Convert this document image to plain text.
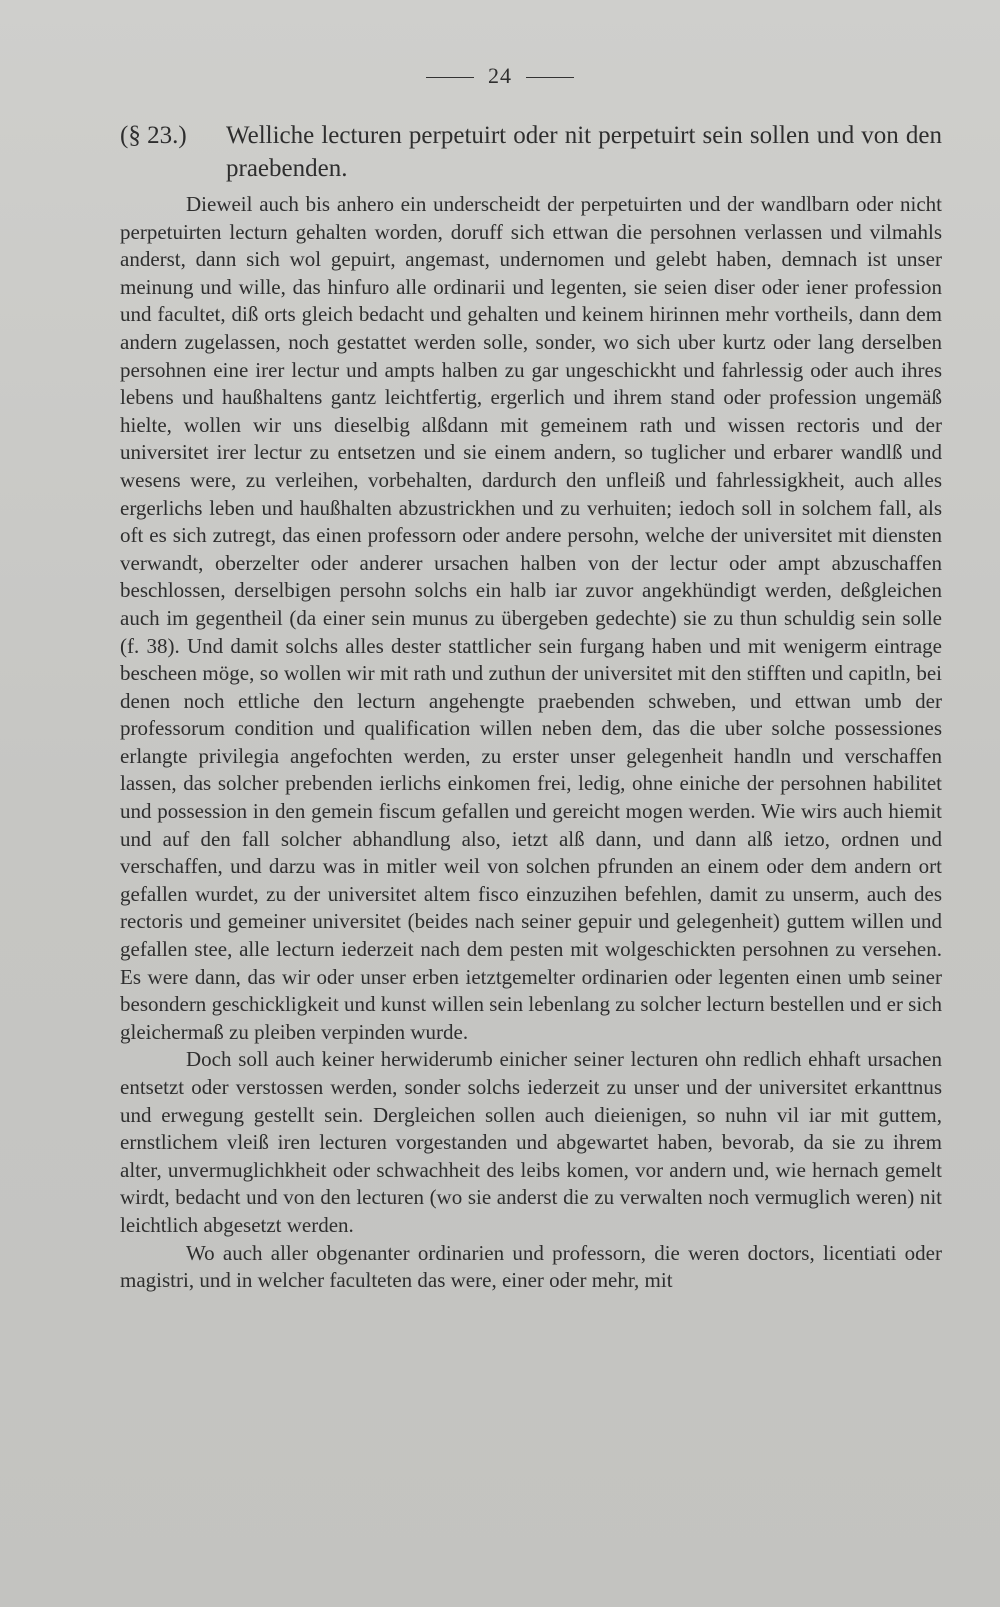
24
(§ 23.)	Welliche lecturen perpetuirt oder nit perpetuirt sein sollen und von den praebenden.

Dieweil auch bis anhero ein underscheidt der perpetuirten und der wandlbarn oder nicht perpetuirten lecturn gehalten worden, doruff sich ettwan die persohnen verlassen und vilmahls anderst, dann sich wol gepuirt, angemast, undernomen und gelebt haben, demnach ist unser meinung und wille, das hinfuro alle ordinarii und legenten, sie seien diser oder iener profession und facultet, diß orts gleich bedacht und gehalten und keinem hirinnen mehr vortheils, dann dem andern zugelassen, noch gestattet werden solle, sonder, wo sich uber kurtz oder lang derselben persohnen eine irer lectur und ampts halben zu gar ungeschickht und fahrlessig oder auch ihres lebens und haußhaltens gantz leichtfertig, ergerlich und ihrem stand oder profession ungemäß hielte, wollen wir uns dieselbig alßdann mit gemeinem rath und wissen rectoris und der universitet irer lectur zu entsetzen und sie einem andern, so tuglicher und erbarer wandlß und wesens were, zu verleihen, vorbehalten, dardurch den unfleiß und fahrlessigkheit, auch alles ergerlichs leben und haußhalten abzustrickhen und zu verhuiten; iedoch soll in solchem fall, als oft es sich zutregt, das einen professorn oder andere persohn, welche der universitet mit diensten verwandt, oberzelter oder anderer ursachen halben von der lectur oder ampt abzuschaffen beschlossen, derselbigen persohn solchs ein halb iar zuvor angekhündigt werden, deßgleichen auch im gegentheil (da einer sein munus zu übergeben gedechte) sie zu thun schuldig sein solle (f. 38). Und damit solchs alles dester stattlicher sein furgang haben und mit wenigerm eintrage bescheen möge, so wollen wir mit rath und zuthun der universitet mit den stifften und capitln, bei denen noch ettliche den lecturn angehengte praebenden schweben, und ettwan umb der professorum condition und qualification willen neben dem, das die uber solche possessiones erlangte privilegia angefochten werden, zu erster unser gelegenheit handln und verschaffen lassen, das solcher prebenden ierlichs einkomen frei, ledig, ohne einiche der persohnen habilitet und possession in den gemein fiscum gefallen und gereicht mogen werden. Wie wirs auch hiemit und auf den fall solcher abhandlung also, ietzt alß dann, und dann alß ietzo, ordnen und verschaffen, und darzu was in mitler weil von solchen pfrunden an einem oder dem andern ort gefallen wurdet, zu der universitet altem fisco einzuzihen befehlen, damit zu unserm, auch des rectoris und gemeiner universitet (beides nach seiner gepuir und gelegenheit) guttem willen und gefallen stee, alle lecturn iederzeit nach dem pesten mit wolgeschickten persohnen zu versehen. Es were dann, das wir oder unser erben ietztgemelter ordinarien oder legenten einen umb seiner besondern geschickligkeit und kunst willen sein lebenlang zu solcher lecturn bestellen und er sich gleichermaß zu pleiben verpinden wurde.

Doch soll auch keiner herwiderumb einicher seiner lecturen ohn redlich ehhaft ursachen entsetzt oder verstossen werden, sonder solchs iederzeit zu unser und der universitet erkanttnus und erwegung gestellt sein. Dergleichen sollen auch dieienigen, so nuhn vil iar mit guttem, ernstlichem vleiß iren lecturen vorgestanden und abgewartet haben, bevorab, da sie zu ihrem alter, unvermuglichkheit oder schwachheit des leibs komen, vor andern und, wie hernach gemelt wirdt, bedacht und von den lecturen (wo sie anderst die zu verwalten noch vermuglich weren) nit leichtlich abgesetzt werden.

Wo auch aller obgenanter ordinarien und professorn, die weren doctors, licentiati oder magistri, und in welcher faculteten das were, einer oder mehr, mit
